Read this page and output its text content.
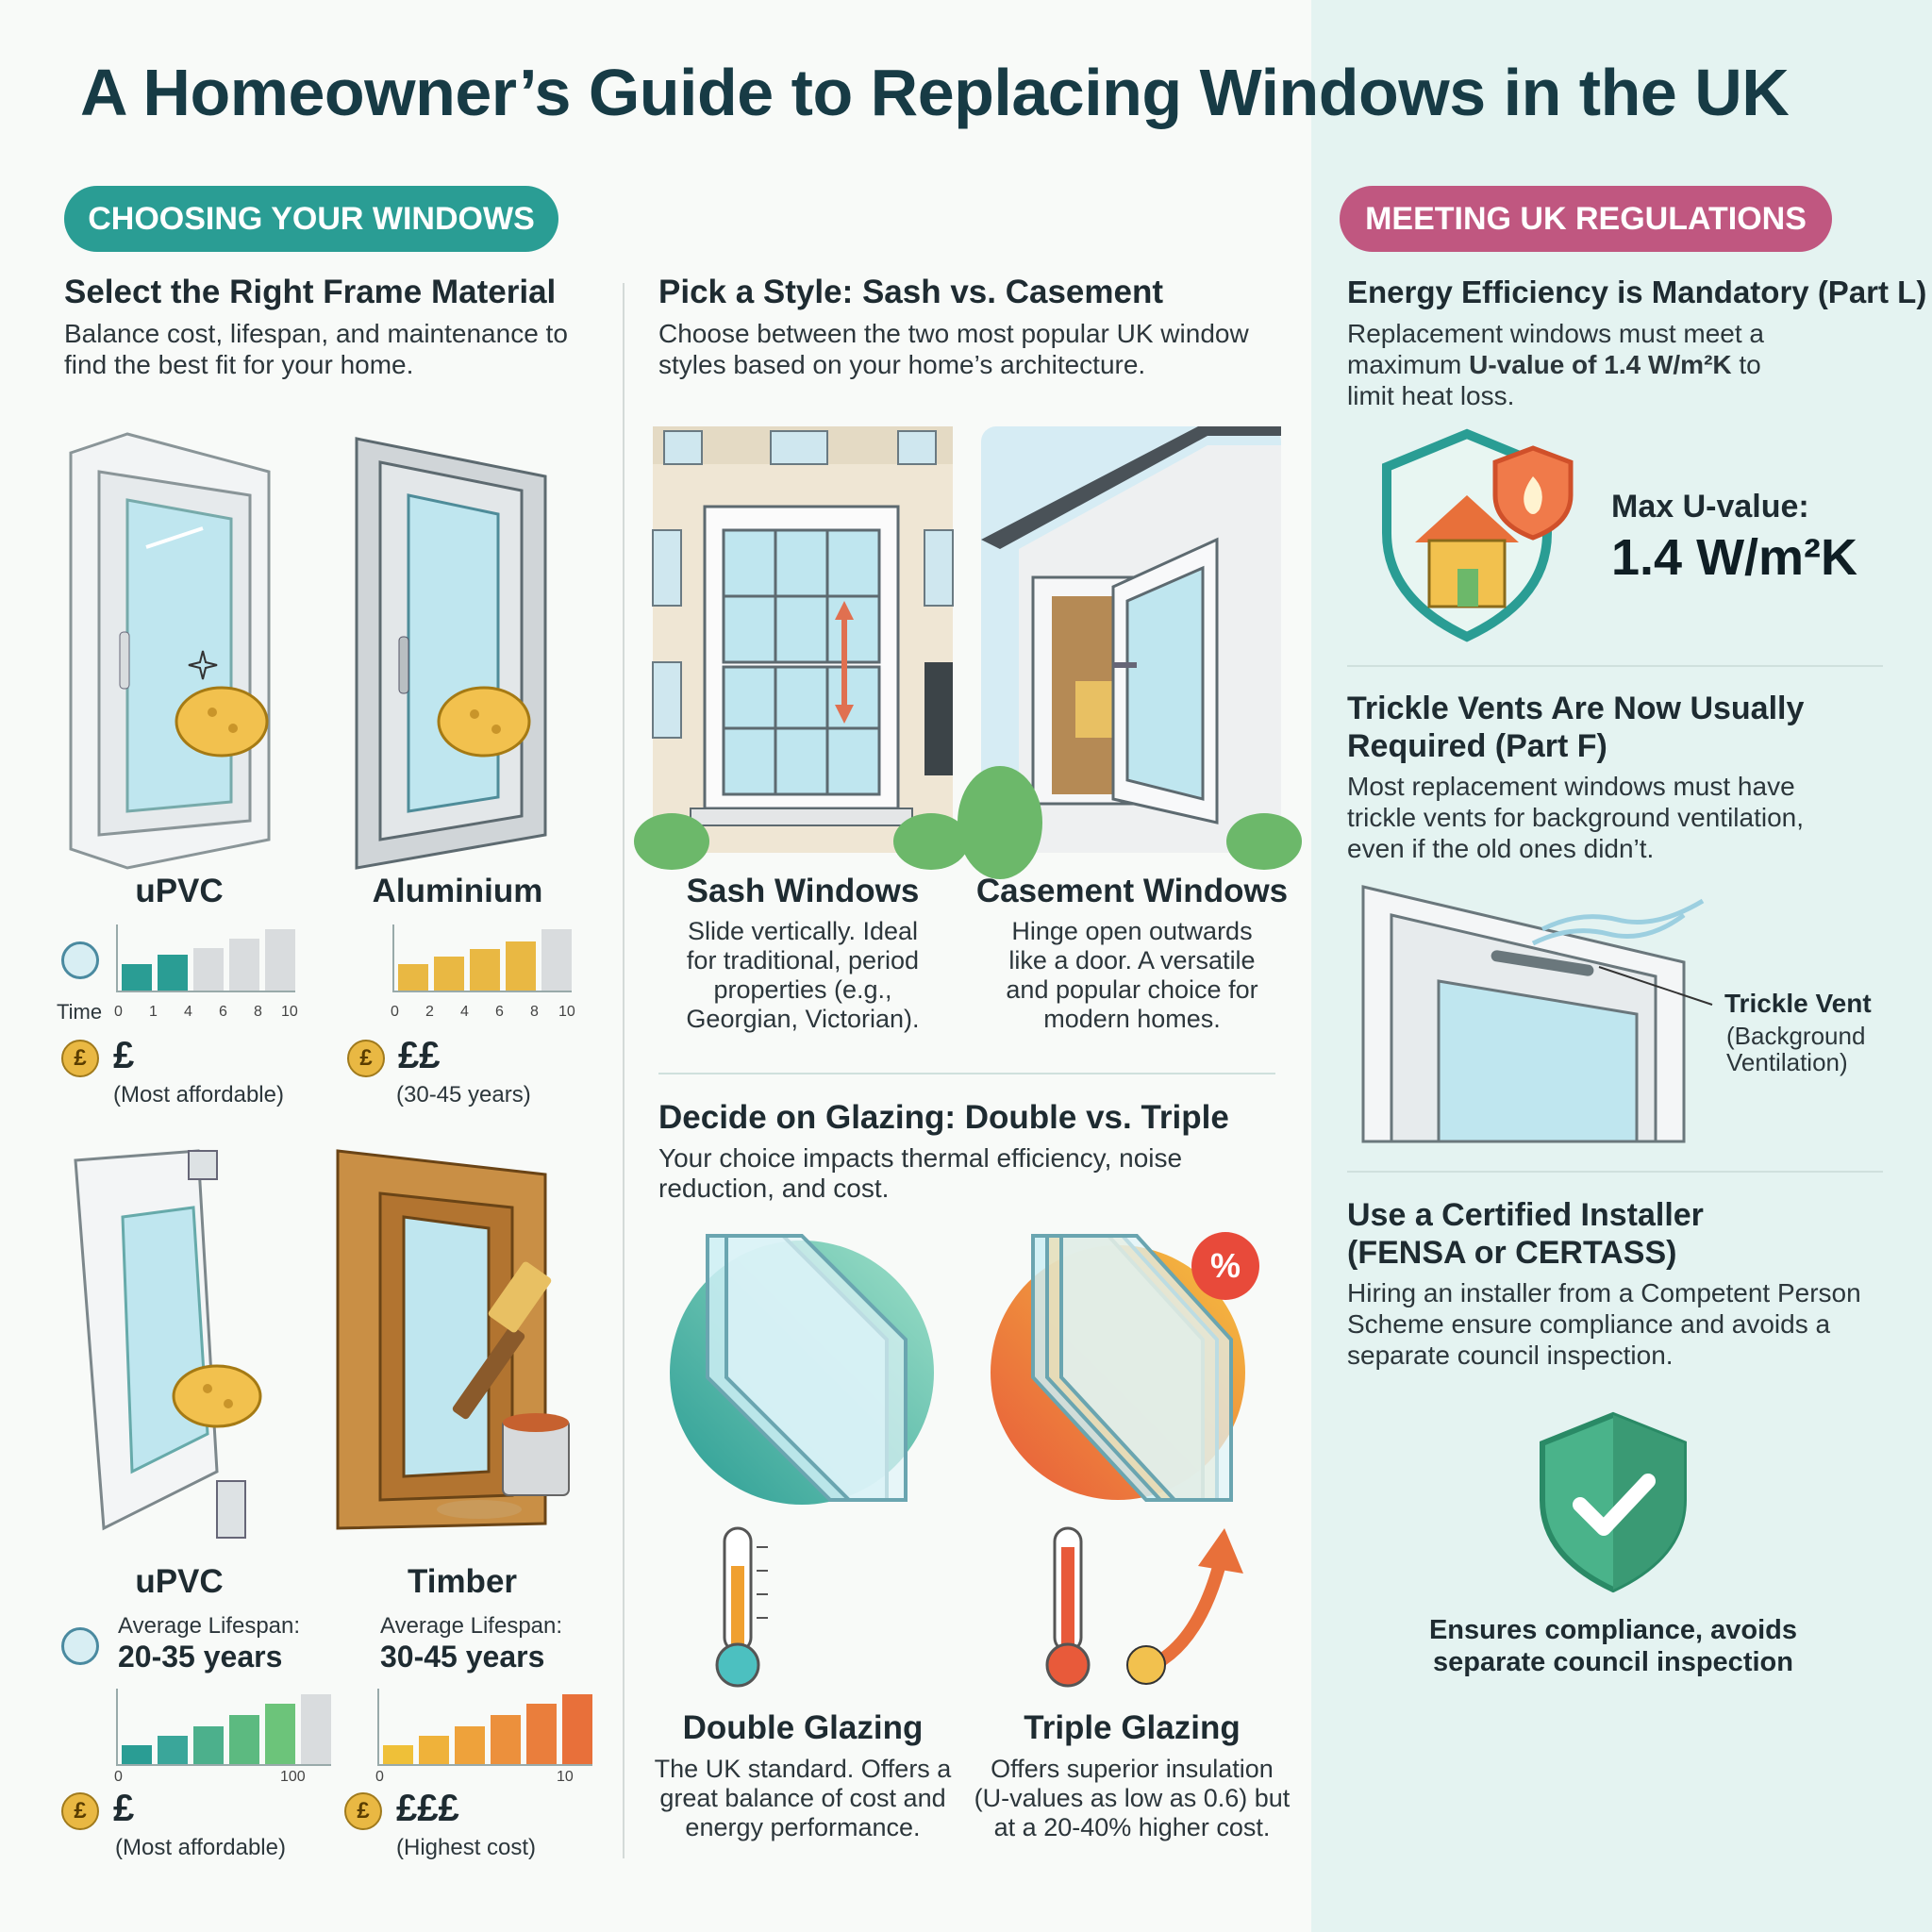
A Homeowner’s Guide to Replacing Windows in the UK
CHOOSING YOUR WINDOWS	MEETING UK REGULATIONS
Select the Right Frame Material

Balance cost, lifespan, and maintenance to

find the best fit for your home.

uPVC
Time 0 1 4 6 8 10
£ £
(Most affordable)
Aluminium
0 2 4 6 8 10
£ ££
(30-45 years)
uPVC
Average Lifespan:
20-35 years
0	100
£ £
(Most affordable)
Timber
Average Lifespan:
30-45 years
0	10
£ £££
(Highest cost)
Pick a Style: Sash vs. Casement

Choose between the two most popular UK window

styles based on your home’s architecture.

Sash Windows
Slide vertically. Ideal
for traditional, period
properties (e.g.,
Georgian, Victorian).
Casement Windows
Hinge open outwards
like a door. A versatile
and popular choice for
modern homes.
Decide on Glazing: Double vs. Triple

Your choice impacts thermal efficiency, noise

reduction, and cost.

%
Double Glazing
The UK standard. Offers a
great balance of cost and
energy performance.
Triple Glazing
Offers superior insulation
(U-values as low as 0.6) but
at a 20-40% higher cost.
Energy Efficiency is Mandatory (Part L)

Replacement windows must meet a

maximum U-value of 1.4 W/m²K to

limit heat loss.

Max U-value:
1.4 W/m²K
Trickle Vents Are Now Usually
Required (Part F)

Most replacement windows must have

trickle vents for background ventilation,

even if the old ones didn’t.

Trickle Vent
(Background
Ventilation)
Use a Certified Installer
(FENSA or CERTASS)

Hiring an installer from a Competent Person

Scheme ensure compliance and avoids a

separate council inspection.

Ensures compliance, avoids
separate council inspection
